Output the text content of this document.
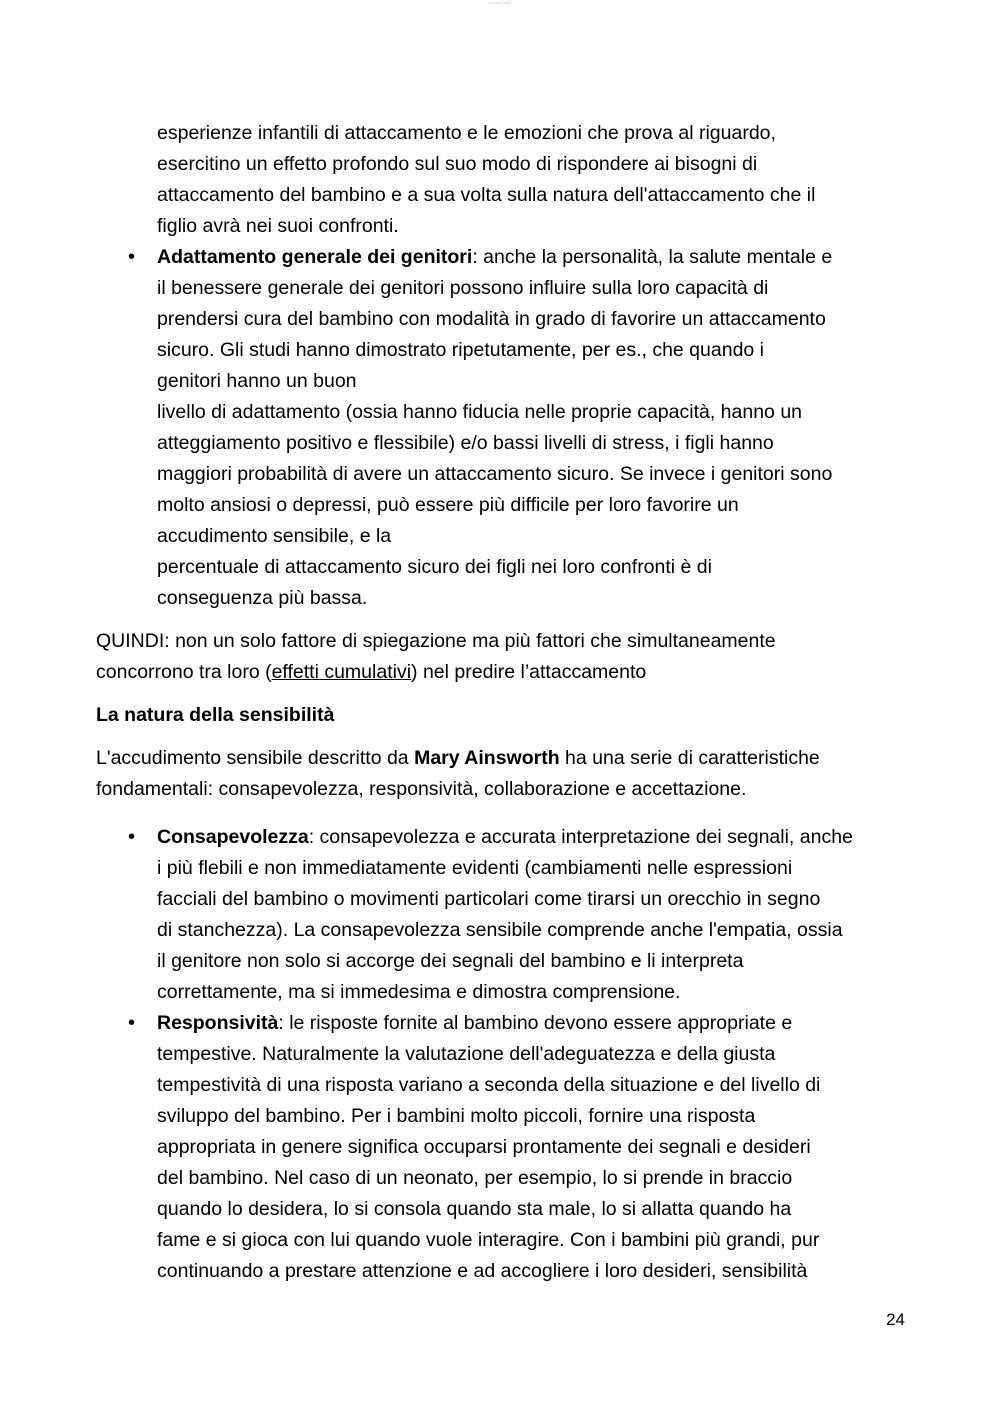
Lezioni Inefi
esperienze infantili di attaccamento e le emozioni che prova al riguardo,
esercitino un effetto profondo sul suo modo di rispondere ai bisogni di
attaccamento del bambino e a sua volta sulla natura dell'attaccamento che il
figlio avrà nei suoi confronti.
• Adattamento generale dei genitori: anche la personalità, la salute mentale e
il benessere generale dei genitori possono influire sulla loro capacità di
prendersi cura del bambino con modalità in grado di favorire un attaccamento
sicuro. Gli studi hanno dimostrato ripetutamente, per es., che quando i
genitori hanno un buon
livello di adattamento (ossia hanno fiducia nelle proprie capacità, hanno un
atteggiamento positivo e flessibile) e/o bassi livelli di stress, i figli hanno
maggiori probabilità di avere un attaccamento sicuro. Se invece i genitori sono
molto ansiosi o depressi, può essere più difficile per loro favorire un
accudimento sensibile, e la
percentuale di attaccamento sicuro dei figli nei loro confronti è di
conseguenza più bassa.
QUINDI: non un solo fattore di spiegazione ma più fattori che simultaneamente
concorrono tra loro (effetti cumulativi) nel predire l’attaccamento
La natura della sensibilità
L'accudimento sensibile descritto da Mary Ainsworth ha una serie di caratteristiche
fondamentali: consapevolezza, responsività, collaborazione e accettazione.
• Consapevolezza: consapevolezza e accurata interpretazione dei segnali, anche
i più flebili e non immediatamente evidenti (cambiamenti nelle espressioni
facciali del bambino o movimenti particolari come tirarsi un orecchio in segno
di stanchezza). La consapevolezza sensibile comprende anche l'empatia, ossia
il genitore non solo si accorge dei segnali del bambino e li interpreta
correttamente, ma si immedesima e dimostra comprensione.
• Responsività: le risposte fornite al bambino devono essere appropriate e
tempestive. Naturalmente la valutazione dell'adeguatezza e della giusta
tempestività di una risposta variano a seconda della situazione e del livello di
sviluppo del bambino. Per i bambini molto piccoli, fornire una risposta
appropriata in genere significa occuparsi prontamente dei segnali e desideri
del bambino. Nel caso di un neonato, per esempio, lo si prende in braccio
quando lo desidera, lo si consola quando sta male, lo si allatta quando ha
fame e si gioca con lui quando vuole interagire. Con i bambini più grandi, pur
continuando a prestare attenzione e ad accogliere i loro desideri, sensibilità
24
